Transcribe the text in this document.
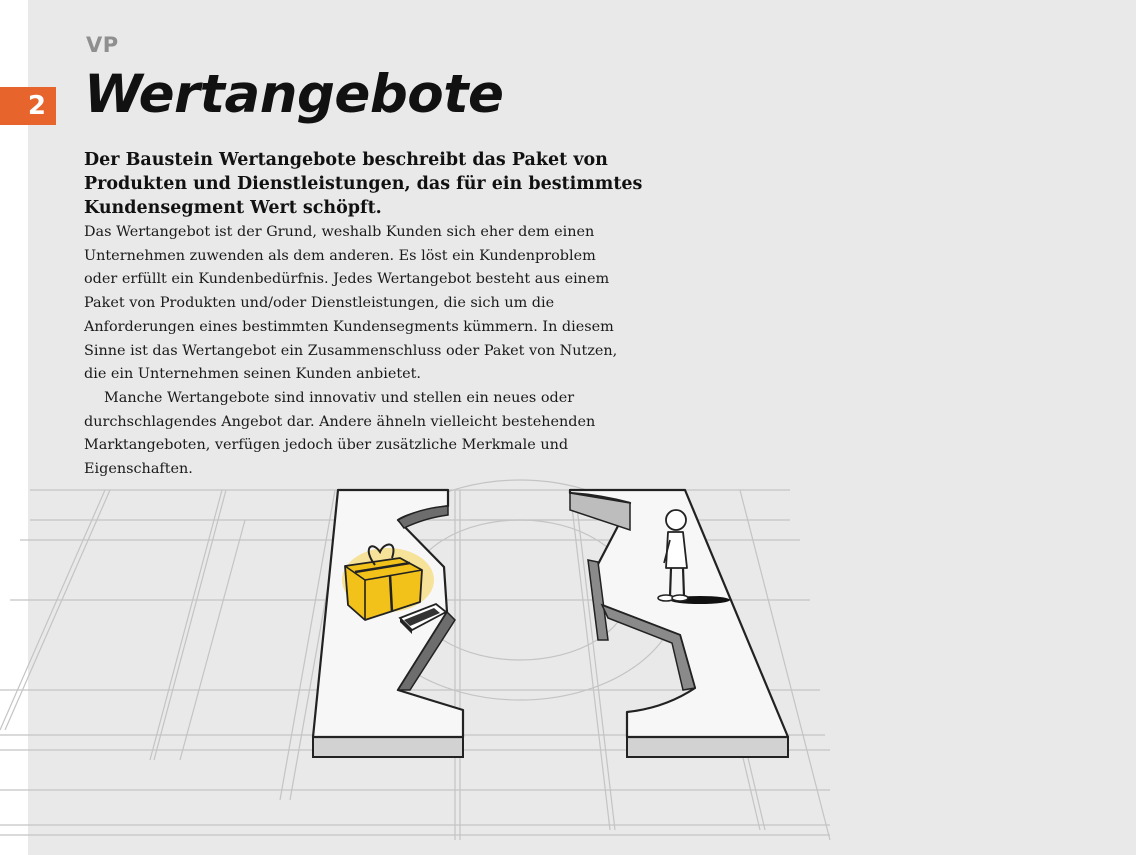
VP
2 Wertangebote

Der Baustein Wertangebote beschreibt das Paket von Produkten und Dienstleistungen, das für ein bestimmtes Kundensegment Wert schöpft.

Das Wertangebot ist der Grund, weshalb Kunden sich eher dem einen Unternehmen zuwenden als dem anderen. Es löst ein Kundenproblem oder erfüllt ein Kundenbedürfnis. Jedes Wertangebot besteht aus einem Paket von Produkten und/oder Dienstleistungen, die sich um die Anforderungen eines bestimmten Kundensegments kümmern. In diesem Sinne ist das Wertangebot ein Zusammenschluss oder Paket von Nutzen, die ein Unternehmen seinen Kunden anbietet.

Manche Wertangebote sind innovativ und stellen ein neues oder durchschlagendes Angebot dar. Andere ähneln vielleicht bestehenden Marktangeboten, verfügen jedoch über zusätzliche Merkmale und Eigenschaften.
